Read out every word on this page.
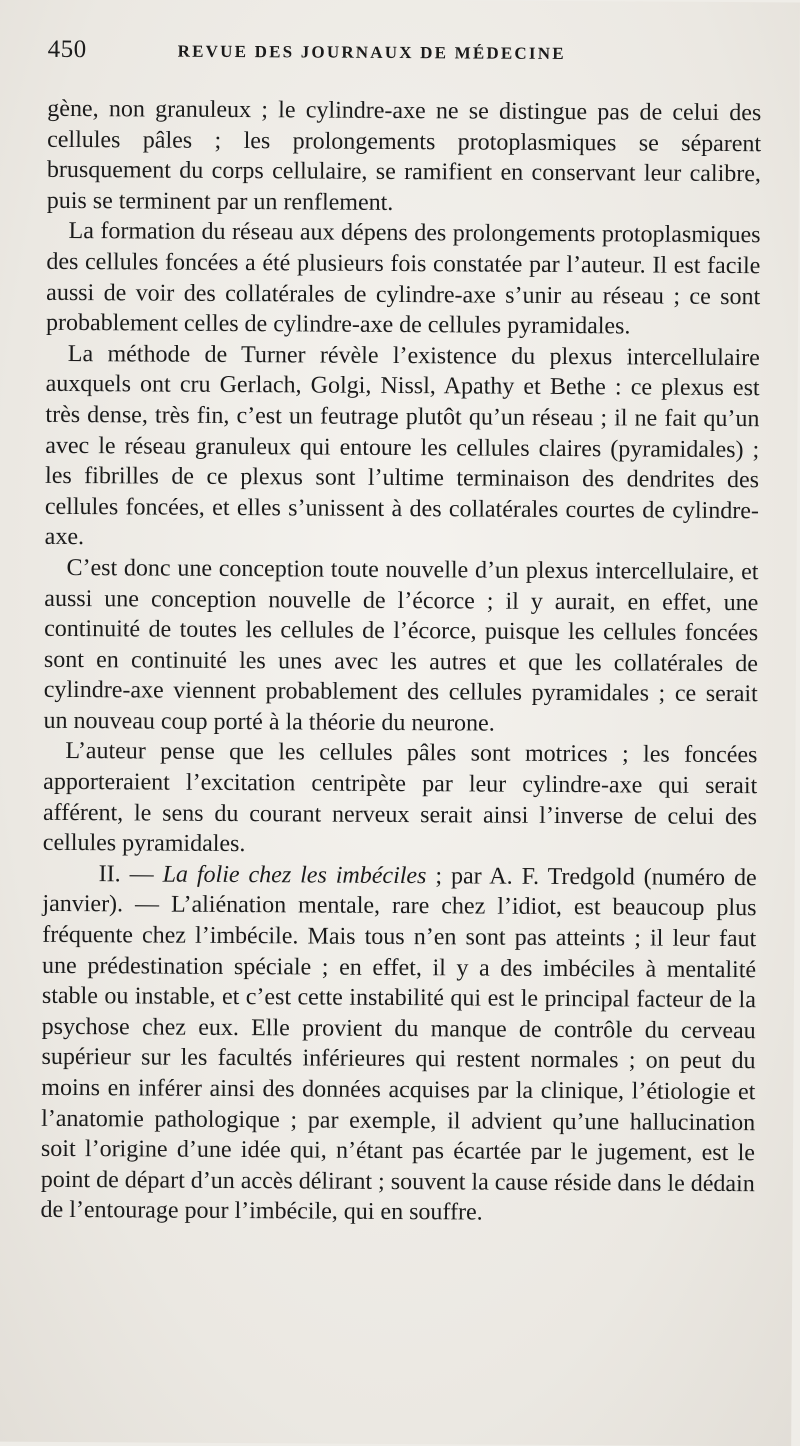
450	REVUE DES JOURNAUX DE MÉDECINE

gène, non granuleux ; le cylindre-axe ne se distingue pas de celui des cellules pâles ; les prolongements protoplasmiques se séparent brusquement du corps cellulaire, se ramifient en conservant leur calibre, puis se terminent par un renflement.

La formation du réseau aux dépens des prolongements protoplasmiques des cellules foncées a été plusieurs fois constatée par l’auteur. Il est facile aussi de voir des collatérales de cylindre-axe s’unir au réseau ; ce sont probablement celles de cylindre-axe de cellules pyramidales.

La méthode de Turner révèle l’existence du plexus intercellulaire auxquels ont cru Gerlach, Golgi, Nissl, Apathy et Bethe : ce plexus est très dense, très fin, c’est un feutrage plutôt qu’un réseau ; il ne fait qu’un avec le réseau granuleux qui entoure les cellules claires (pyramidales) ; les fibrilles de ce plexus sont l’ultime terminaison des dendrites des cellules foncées, et elles s’unissent à des collatérales courtes de cylindre-axe.

C’est donc une conception toute nouvelle d’un plexus intercellulaire, et aussi une conception nouvelle de l’écorce ; il y aurait, en effet, une continuité de toutes les cellules de l’écorce, puisque les cellules foncées sont en continuité les unes avec les autres et que les collatérales de cylindre-axe viennent probablement des cellules pyramidales ; ce serait un nouveau coup porté à la théorie du neurone.

L’auteur pense que les cellules pâles sont motrices ; les foncées apporteraient l’excitation centripète par leur cylindre-axe qui serait afférent, le sens du courant nerveux serait ainsi l’inverse de celui des cellules pyramidales.

II. — La folie chez les imbéciles ; par A. F. Tredgold (numéro de janvier). — L’aliénation mentale, rare chez l’idiot, est beaucoup plus fréquente chez l’imbécile. Mais tous n’en sont pas atteints ; il leur faut une prédestination spéciale ; en effet, il y a des imbéciles à mentalité stable ou instable, et c’est cette instabilité qui est le principal facteur de la psychose chez eux. Elle provient du manque de contrôle du cerveau supérieur sur les facultés inférieures qui restent normales ; on peut du moins en inférer ainsi des données acquises par la clinique, l’étiologie et l’anatomie pathologique ; par exemple, il advient qu’une hallucination soit l’origine d’une idée qui, n’étant pas écartée par le jugement, est le point de départ d’un accès délirant ; souvent la cause réside dans le dédain de l’entourage pour l’imbécile, qui en souffre.
